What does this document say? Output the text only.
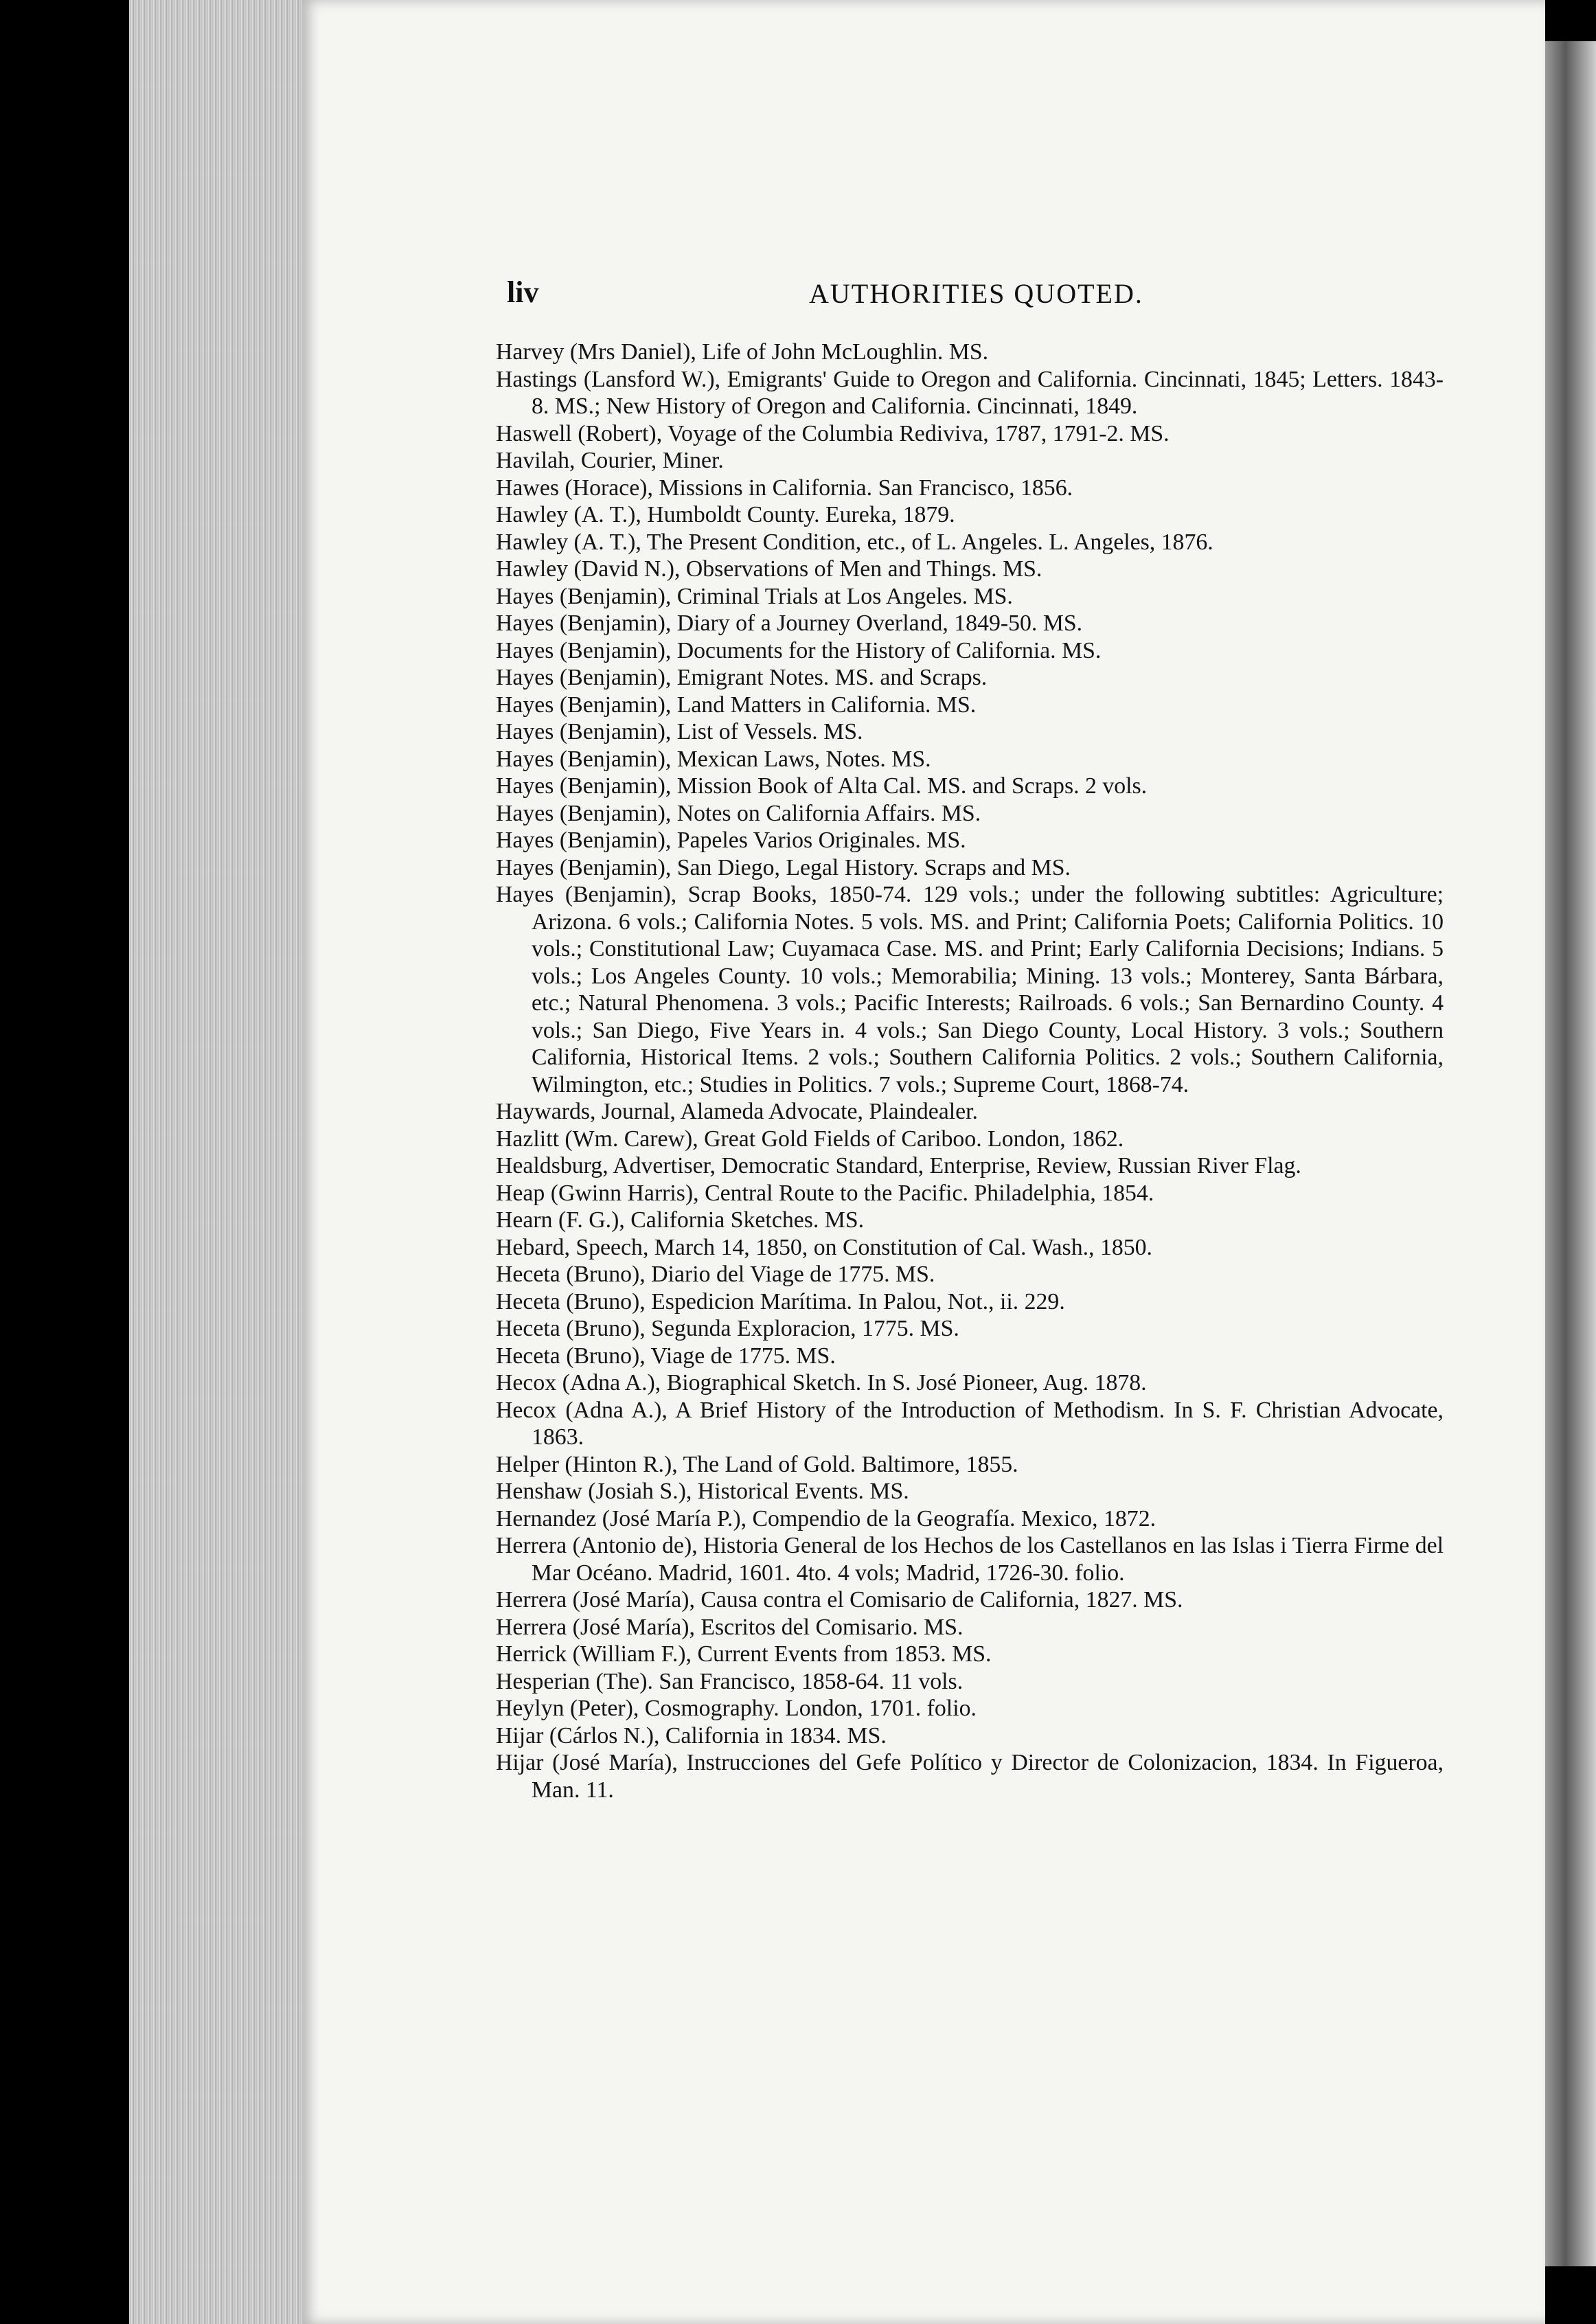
liv	AUTHORITIES QUOTED.
Harvey (Mrs Daniel), Life of John McLoughlin. MS.
Hastings (Lansford W.), Emigrants' Guide to Oregon and California. Cincinnati, 1845; Letters. 1843-8. MS.; New History of Oregon and California. Cincinnati, 1849.
Haswell (Robert), Voyage of the Columbia Rediviva, 1787, 1791-2. MS.
Havilah, Courier, Miner.
Hawes (Horace), Missions in California. San Francisco, 1856.
Hawley (A. T.), Humboldt County. Eureka, 1879.
Hawley (A. T.), The Present Condition, etc., of L. Angeles. L. Angeles, 1876.
Hawley (David N.), Observations of Men and Things. MS.
Hayes (Benjamin), Criminal Trials at Los Angeles. MS.
Hayes (Benjamin), Diary of a Journey Overland, 1849-50. MS.
Hayes (Benjamin), Documents for the History of California. MS.
Hayes (Benjamin), Emigrant Notes. MS. and Scraps.
Hayes (Benjamin), Land Matters in California. MS.
Hayes (Benjamin), List of Vessels. MS.
Hayes (Benjamin), Mexican Laws, Notes. MS.
Hayes (Benjamin), Mission Book of Alta Cal. MS. and Scraps. 2 vols.
Hayes (Benjamin), Notes on California Affairs. MS.
Hayes (Benjamin), Papeles Varios Originales. MS.
Hayes (Benjamin), San Diego, Legal History. Scraps and MS.
Hayes (Benjamin), Scrap Books, 1850-74. 129 vols.; under the following subtitles: Agriculture; Arizona. 6 vols.; California Notes. 5 vols. MS. and Print; California Poets; California Politics. 10 vols.; Constitutional Law; Cuyamaca Case. MS. and Print; Early California Decisions; Indians. 5 vols.; Los Angeles County. 10 vols.; Memorabilia; Mining. 13 vols.; Monterey, Santa Bárbara, etc.; Natural Phenomena. 3 vols.; Pacific Interests; Railroads. 6 vols.; San Bernardino County. 4 vols.; San Diego, Five Years in. 4 vols.; San Diego County, Local History. 3 vols.; Southern California, Historical Items. 2 vols.; Southern California Politics. 2 vols.; Southern California, Wilmington, etc.; Studies in Politics. 7 vols.; Supreme Court, 1868-74.
Haywards, Journal, Alameda Advocate, Plaindealer.
Hazlitt (Wm. Carew), Great Gold Fields of Cariboo. London, 1862.
Healdsburg, Advertiser, Democratic Standard, Enterprise, Review, Russian River Flag.
Heap (Gwinn Harris), Central Route to the Pacific. Philadelphia, 1854.
Hearn (F. G.), California Sketches. MS.
Hebard, Speech, March 14, 1850, on Constitution of Cal. Wash., 1850.
Heceta (Bruno), Diario del Viage de 1775. MS.
Heceta (Bruno), Espedicion Marítima. In Palou, Not., ii. 229.
Heceta (Bruno), Segunda Exploracion, 1775. MS.
Heceta (Bruno), Viage de 1775. MS.
Hecox (Adna A.), Biographical Sketch. In S. José Pioneer, Aug. 1878.
Hecox (Adna A.), A Brief History of the Introduction of Methodism. In S. F. Christian Advocate, 1863.
Helper (Hinton R.), The Land of Gold. Baltimore, 1855.
Henshaw (Josiah S.), Historical Events. MS.
Hernandez (José María P.), Compendio de la Geografía. Mexico, 1872.
Herrera (Antonio de), Historia General de los Hechos de los Castellanos en las Islas i Tierra Firme del Mar Océano. Madrid, 1601. 4to. 4 vols; Madrid, 1726-30. folio.
Herrera (José María), Causa contra el Comisario de California, 1827. MS.
Herrera (José María), Escritos del Comisario. MS.
Herrick (William F.), Current Events from 1853. MS.
Hesperian (The). San Francisco, 1858-64. 11 vols.
Heylyn (Peter), Cosmography. London, 1701. folio.
Hijar (Cárlos N.), California in 1834. MS.
Hijar (José María), Instrucciones del Gefe Político y Director de Colonizacion, 1834. In Figueroa, Man. 11.
